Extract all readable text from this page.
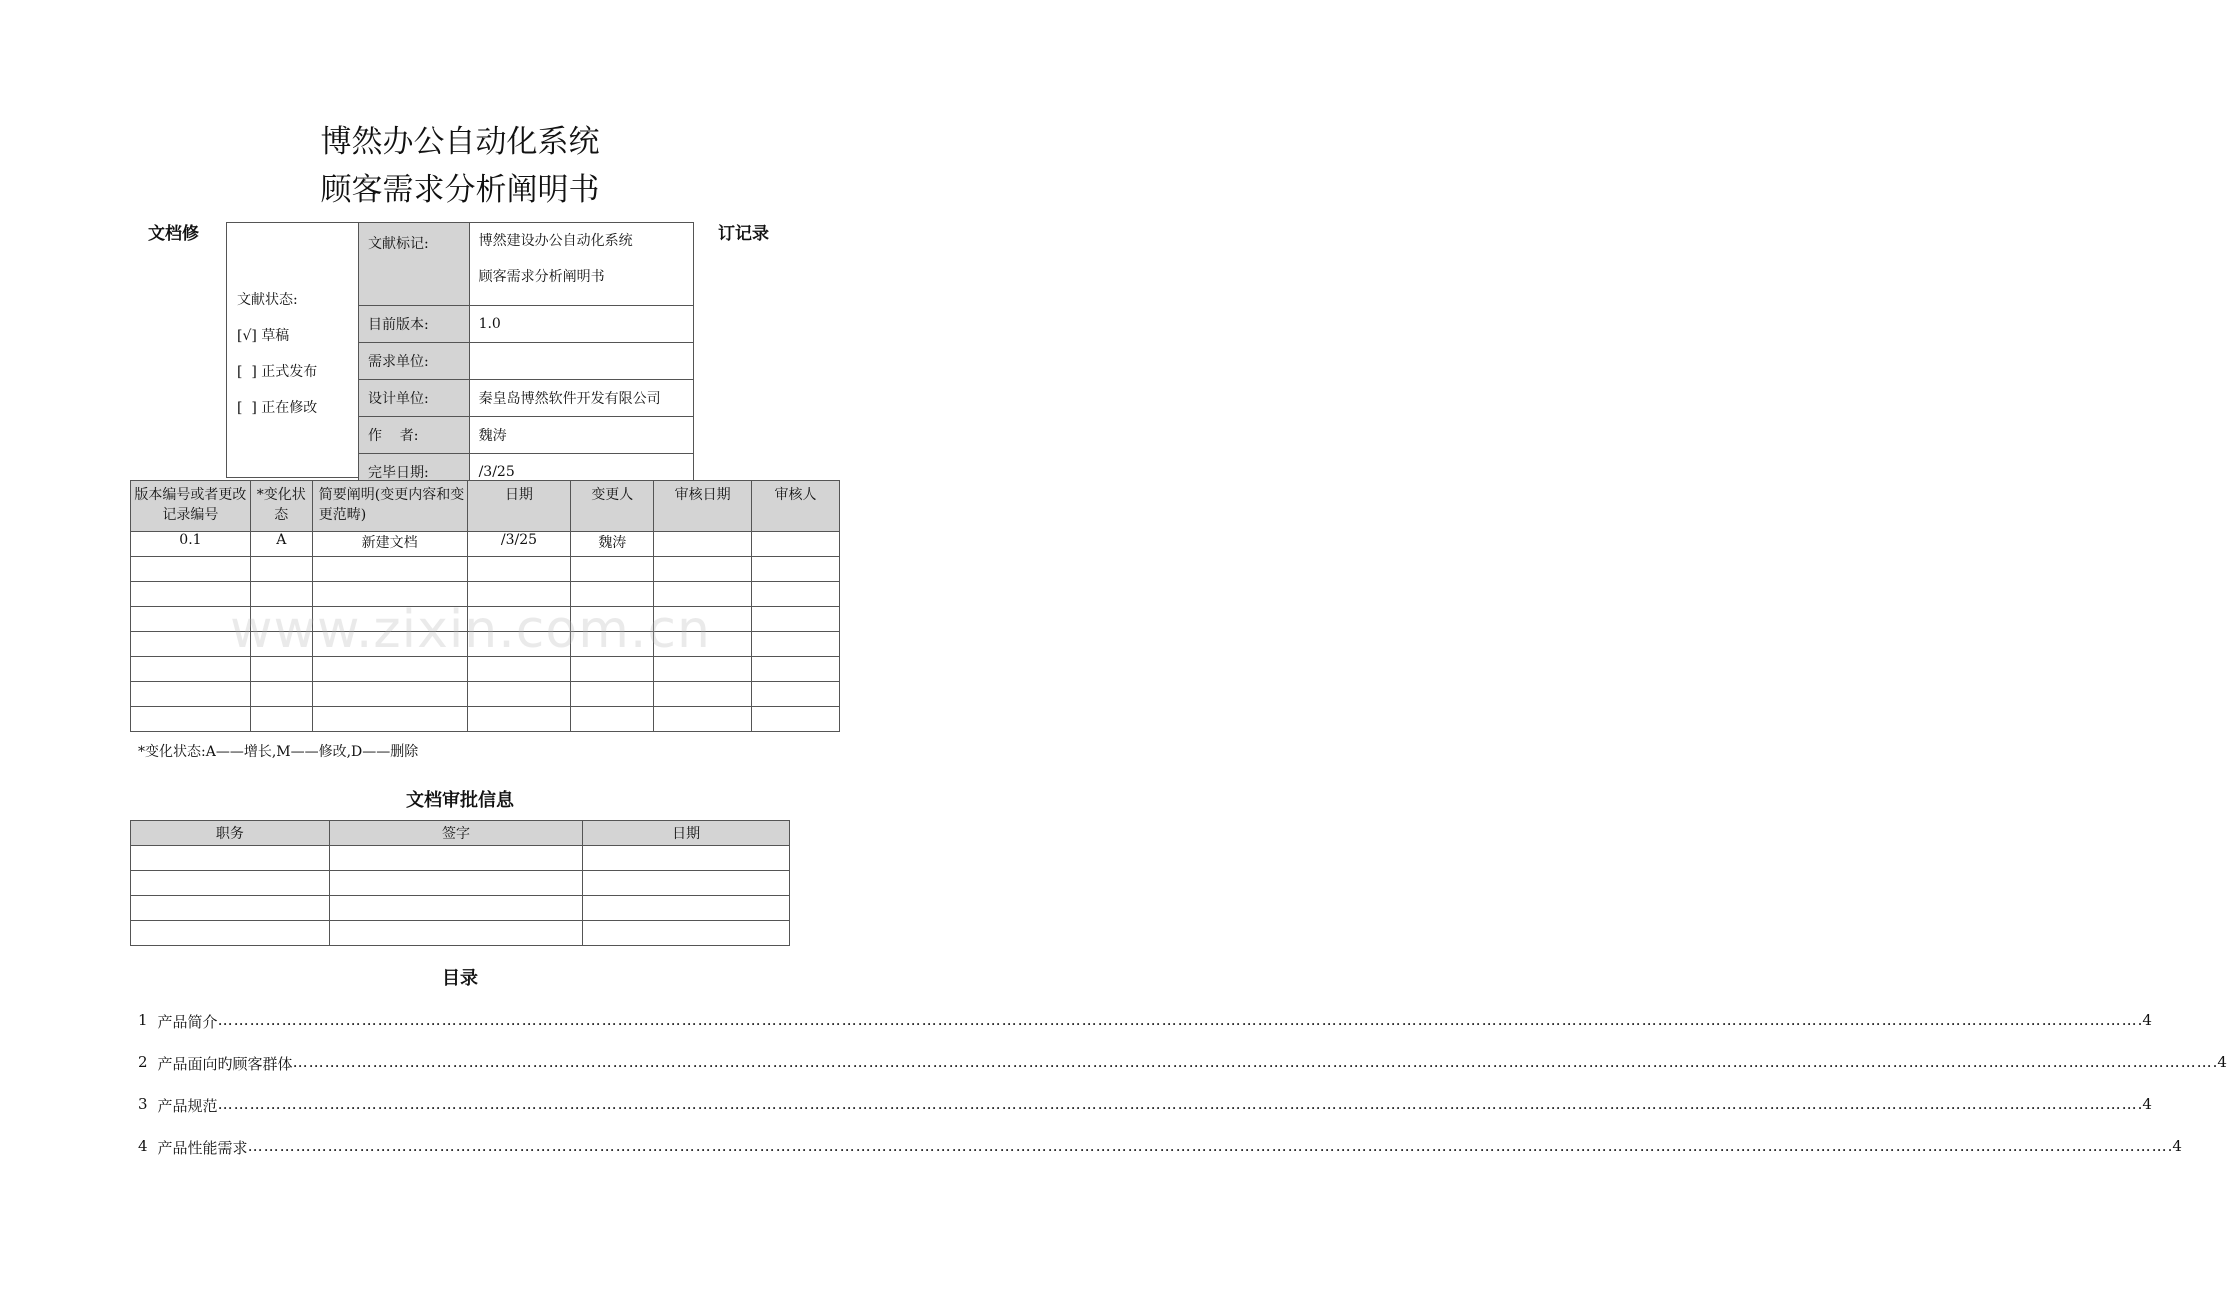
博然办公自动化系统
顾客需求分析阐明书
文档修	订记录
文献状态:
[√] 草稿
[  ] 正式发布
[  ] 正在修改
文献标记:	博然建设办公自动化系统
顾客需求分析阐明书

目前版本:	1.0
需求单位:	
设计单位:	秦皇岛博然软件开发有限公司
作    者:	魏涛
完毕日期:	/3/25
版本编号或者更改记录编号	*变化状态	简要阐明(变更内容和变更范畴)	日期	变更人	审核日期	审核人
0.1	A	新建文档	/3/25	魏涛		

*变化状态:A——增长,M——修改,D——删除
文档审批信息
职务	签字	日期

目录
1 产品简介 ……………………………………………………………………………………………………………………………………………………………………………………………………………………………………………………………………………………………………………………………… .4
2 产品面向旳顾客群体 ……………………………………………………………………………………………………………………………………………………………………………………………………………………………………………………………………………………………………………………………… .4
3 产品规范 ……………………………………………………………………………………………………………………………………………………………………………………………………………………………………………………………………………………………………………………………… .4
4 产品性能需求 ……………………………………………………………………………………………………………………………………………………………………………………………………………………………………………………………………………………………………………………………… .4
www.zixin.com.cn
